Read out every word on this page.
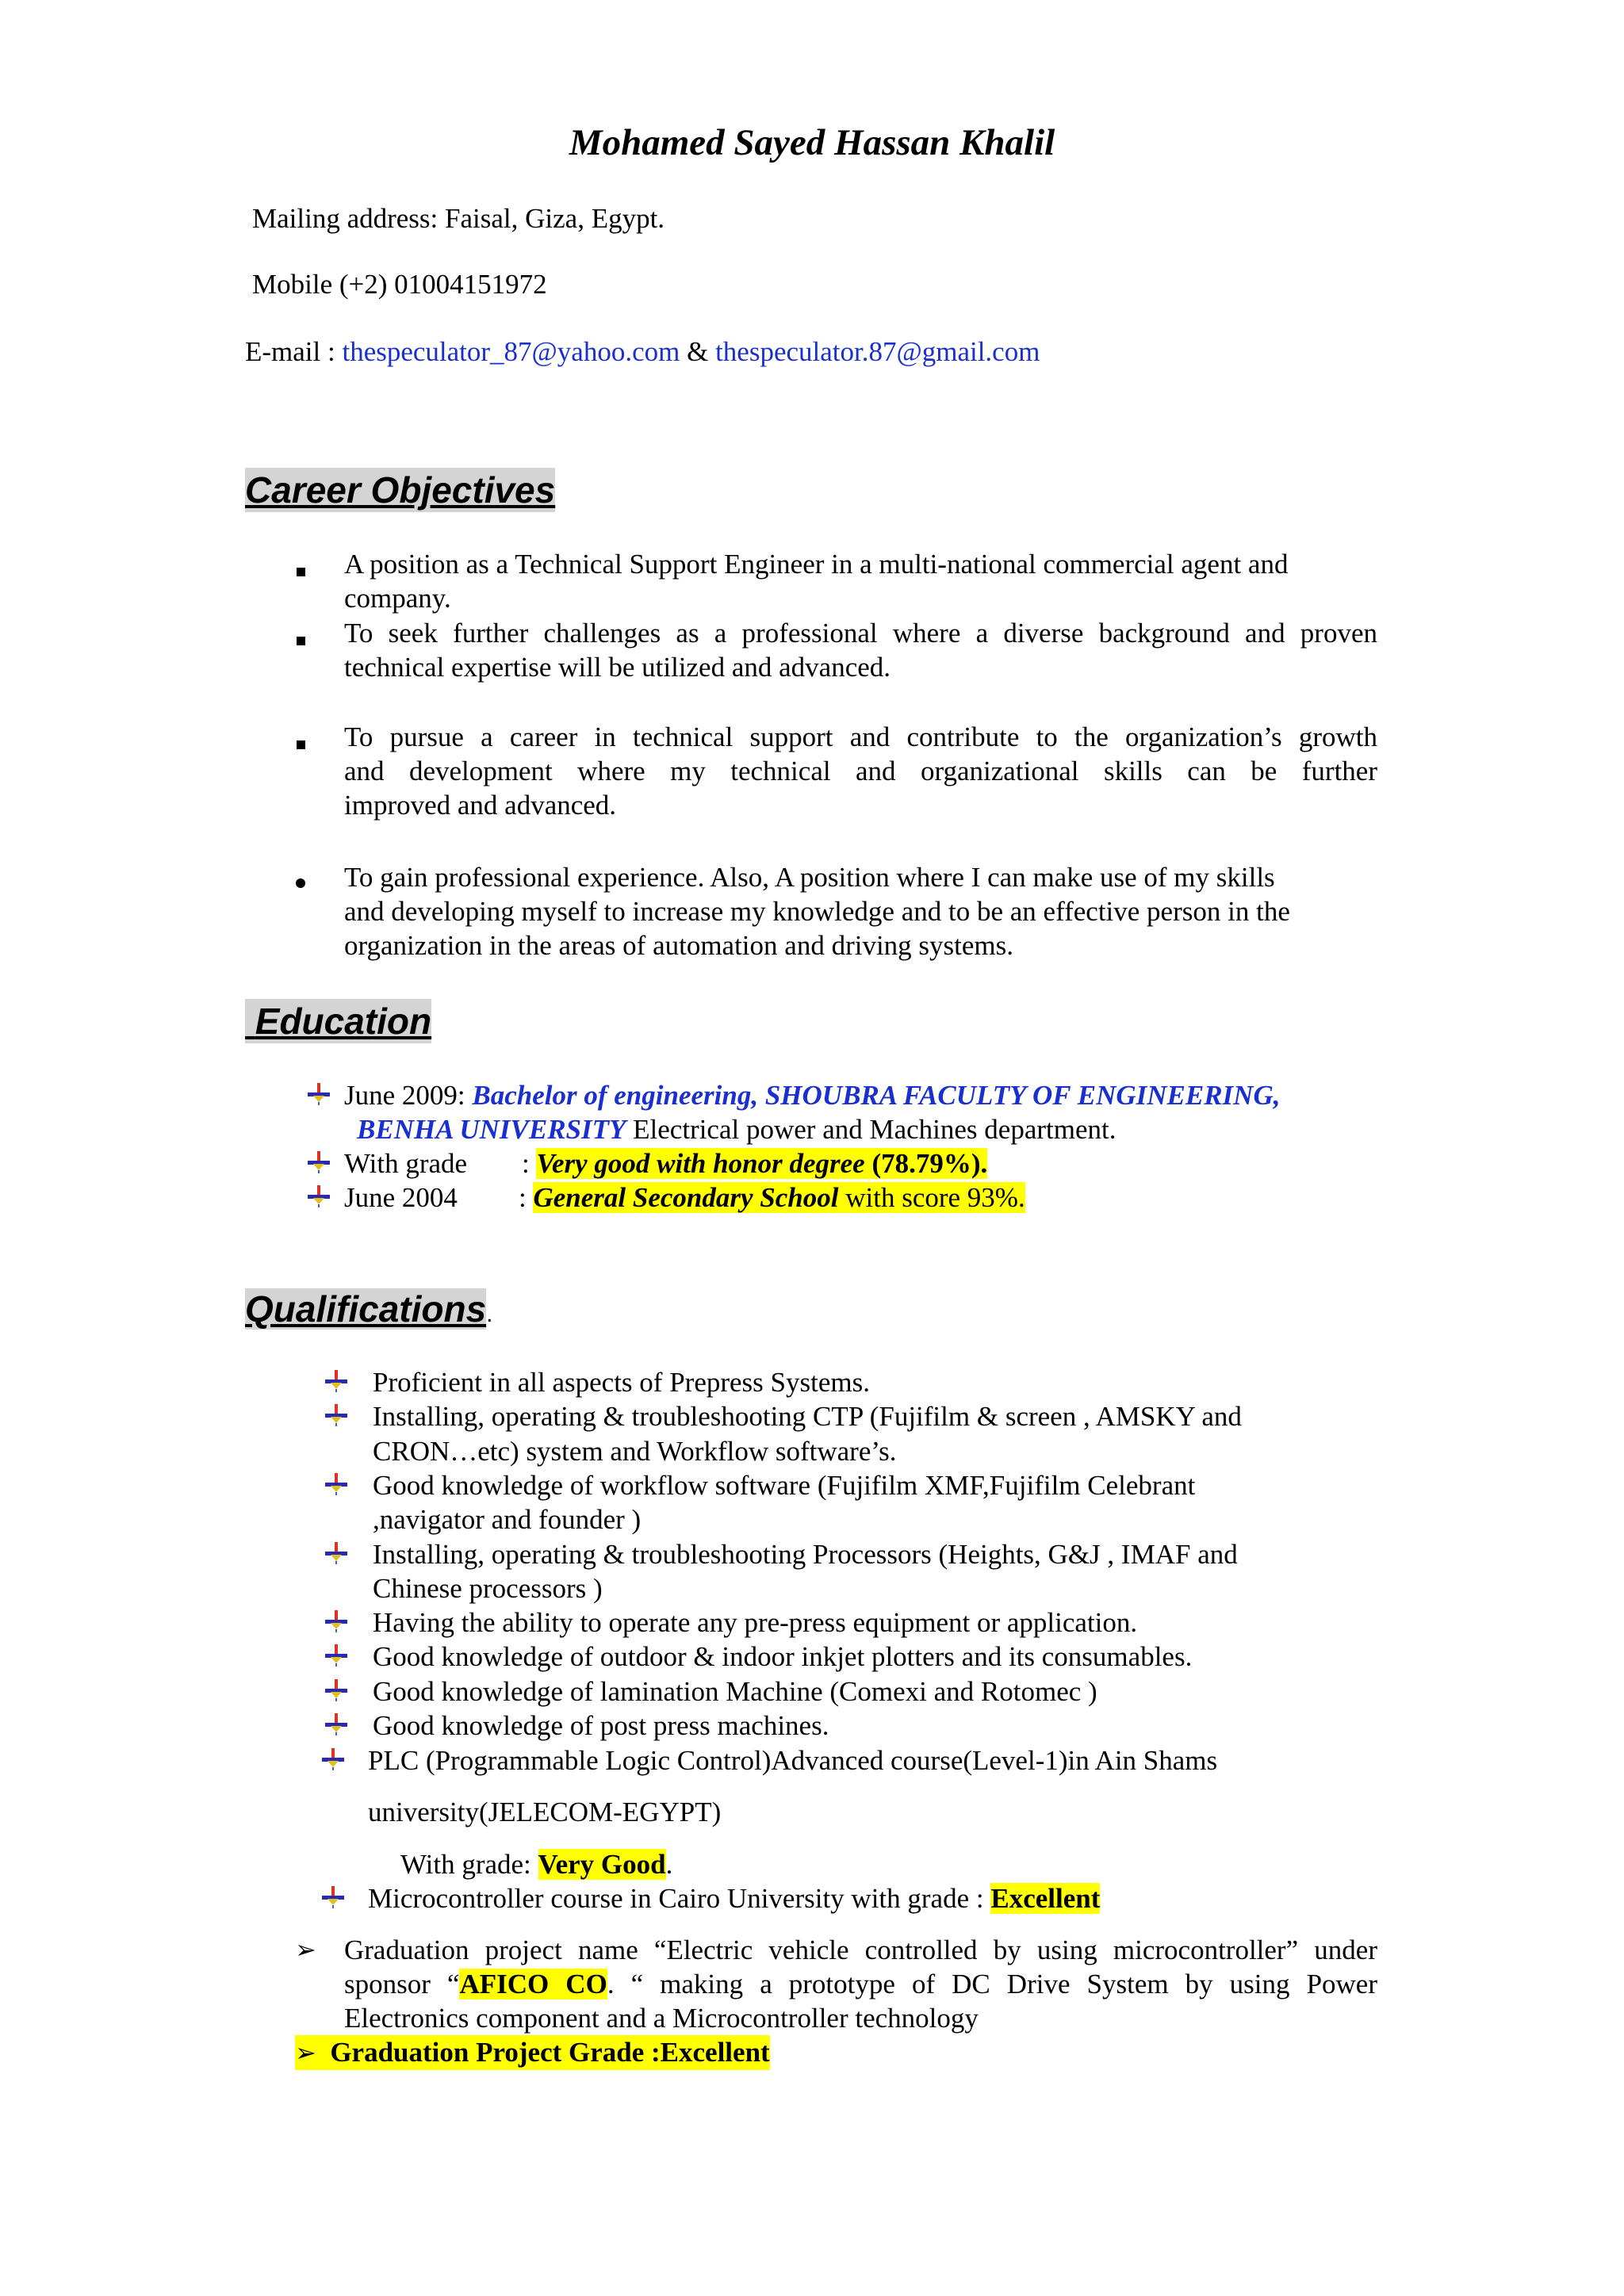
Mohamed Sayed Hassan Khalil
Mailing address: Faisal, Giza, Egypt.
Mobile (+2) 01004151972
E-mail : thespeculator_87@yahoo.com & thespeculator.87@gmail.com
Career Objectives
A position as a Technical Support Engineer in a multi-national commercial agent and
company.
To seek further challenges as a professional where a diverse background and proven
technical expertise will be utilized and advanced.
To pursue a career in technical support and contribute to the organization’s growth
and development where my technical and organizational skills can be further
improved and advanced.
To gain professional experience. Also, A position where I can make use of my skills
and developing myself to increase my knowledge and to be an effective person in the
organization in the areas of automation and driving systems.
Education
June 2009: Bachelor of engineering, SHOUBRA FACULTY OF ENGINEERING,
BENHA UNIVERSITY Electrical power and Machines department.
With grade : Very good with honor degree (78.79%).
June 2004 : General Secondary School with score 93%.
Qualifications.
Proficient in all aspects of Prepress Systems.
Installing, operating & troubleshooting CTP (Fujifilm & screen , AMSKY and
CRON…etc) system and Workflow software’s.
Good knowledge of workflow software (Fujifilm XMF,Fujifilm Celebrant
,navigator and founder )
Installing, operating & troubleshooting Processors (Heights, G&J , IMAF and
Chinese processors )
Having the ability to operate any pre-press equipment or application.
Good knowledge of outdoor & indoor inkjet plotters and its consumables.
Good knowledge of lamination Machine (Comexi and Rotomec )
Good knowledge of post press machines.
PLC (Programmable Logic Control)Advanced course(Level-1)in Ain Shams
university(JELECOM-EGYPT)
With grade: Very Good.
Microcontroller course in Cairo University with grade : Excellent
➢ Graduation project name “Electric vehicle controlled by using microcontroller” under
sponsor “AFICO CO. “ making a prototype of DC Drive System by using Power
Electronics component and a Microcontroller technology
➢ Graduation Project Grade :Excellent
